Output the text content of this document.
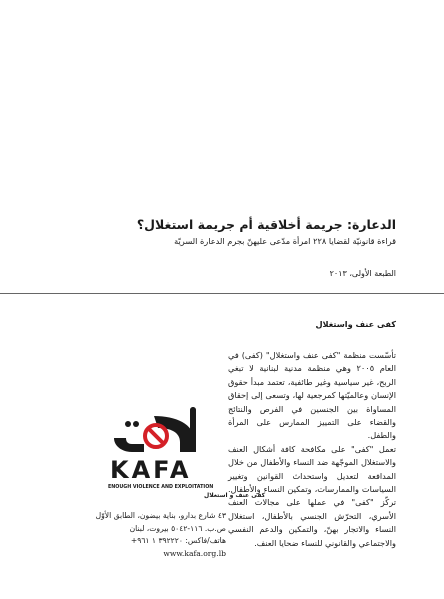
الدعارة: جريمة أخلاقية أم جريمة استغلال؟
قراءة قانونيّة لقضايا ٢٢٨ امرأة مدّعى عليهنّ بجرم الدعارة السريّة
الطبعة الأولى، ٢٠١٣
كفى عنف واستغلال

تأسّست منظمة "كفى عنف واستغلال" (كفى) في العام ٢٠٠٥ وهي منظمة مدنية لبنانية لا تبغي الربح، غير سياسية وغير طائفية، تعتمد مبدأ حقوق الإنسان وعالميّتها كمرجعية لها، وتسعى إلى إحقاق المساواة بين الجنسين في الفرص والنتائج والقضاء على التمييز الممارس على المرأة والطفل.

تعمل "كفى" على مكافحة كافة أشكال العنف والاستغلال الموجّهة ضد النساء والأطفال من خلال المدافعة لتعديل واستحداث القوانين وتغيير السياسات والممارسات، وتمكين النساء والأطفال. تركّز "كفى" في عملها على مجالات العنف الأسري، التحرّش الجنسي بالأطفال، استغلال النساء والاتجار بهنّ، والتمكين والدعم النفسي والاجتماعي والقانوني للنساء ضحايا العنف.

KAFA
ENOUGH VIOLENCE AND EXPLOITATION
كفى عنف و استغلال
٤٣ شارع بدارو، بناية بيضون، الطابق الأوّل
ص.ب. ١١٦-٥٠٤٢ بيروت، لبنان
هاتف/فاكس: ٣٩٢٢٢٠ ١ ٩٦١+
www.kafa.org.lb
